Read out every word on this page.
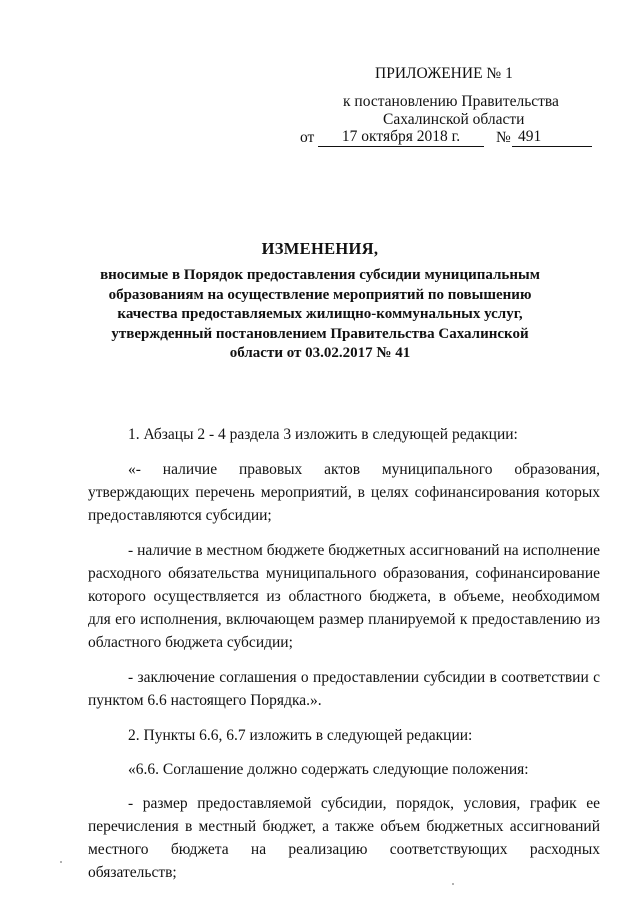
ПРИЛОЖЕНИЕ № 1
к постановлению Правительства
Сахалинской области
от	17 октября 2018 г.	№ 491
ИЗМЕНЕНИЯ,
вносимые в Порядок предоставления субсидии муниципальным образованиям на осуществление мероприятий по повышению качества предоставляемых жилищно-коммунальных услуг, утвержденный постановлением Правительства Сахалинской области от 03.02.2017 № 41

1. Абзацы 2 - 4 раздела 3 изложить в следующей редакции:

«- наличие правовых актов муниципального образования, утверждающих перечень мероприятий, в целях софинансирования которых предоставляются субсидии;

- наличие в местном бюджете бюджетных ассигнований на исполнение расходного обязательства муниципального образования, софинансирование которого осуществляется из областного бюджета, в объеме, необходимом для его исполнения, включающем размер планируемой к предоставлению из областного бюджета субсидии;

- заключение соглашения о предоставлении субсидии в соответствии с пунктом 6.6 настоящего Порядка.».

2. Пункты 6.6, 6.7 изложить в следующей редакции:

«6.6. Соглашение должно содержать следующие положения:

- размер предоставляемой субсидии, порядок, условия, график ее перечисления в местный бюджет, а также объем бюджетных ассигнований местного бюджета на реализацию соответствующих расходных обязательств;
